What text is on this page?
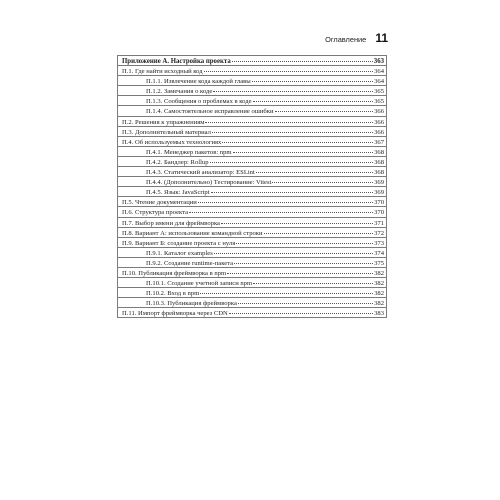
Оглавление 11
Приложение А. Настройка проекта	363
П.1. Где найти исходный код	364
П.1.1. Извлечение кода каждой главы	364
П.1.2. Замечания о коде	365
П.1.3. Сообщения о проблемах в коде	365
П.1.4. Самостоятельное исправление ошибки	366
П.2. Решения к упражнениям	366
П.3. Дополнительный материал	366
П.4. Об используемых технологиях	367
П.4.1. Менеджер пакетов: npm	368
П.4.2. Бандлер: Rollup	368
П.4.3. Статический анализатор: ESLint	368
П.4.4. (Дополнительно) Тестирование: Vitest	369
П.4.5. Язык: JavaScript	369
П.5. Чтение документации	370
П.6. Структура проекта	370
П.7. Выбор имени для фреймворка	371
П.8. Вариант А: использование командной строки	372
П.9. Вариант Б: создание проекта с нуля	373
П.9.1. Каталог examples	374
П.9.2. Создание runtime-пакета	375
П.10. Публикация фреймворка в npm	382
П.10.1. Создание учетной записи npm	382
П.10.2. Вход в npm	382
П.10.3. Публикация фреймворка	382
П.11. Импорт фреймворка через CDN	383
